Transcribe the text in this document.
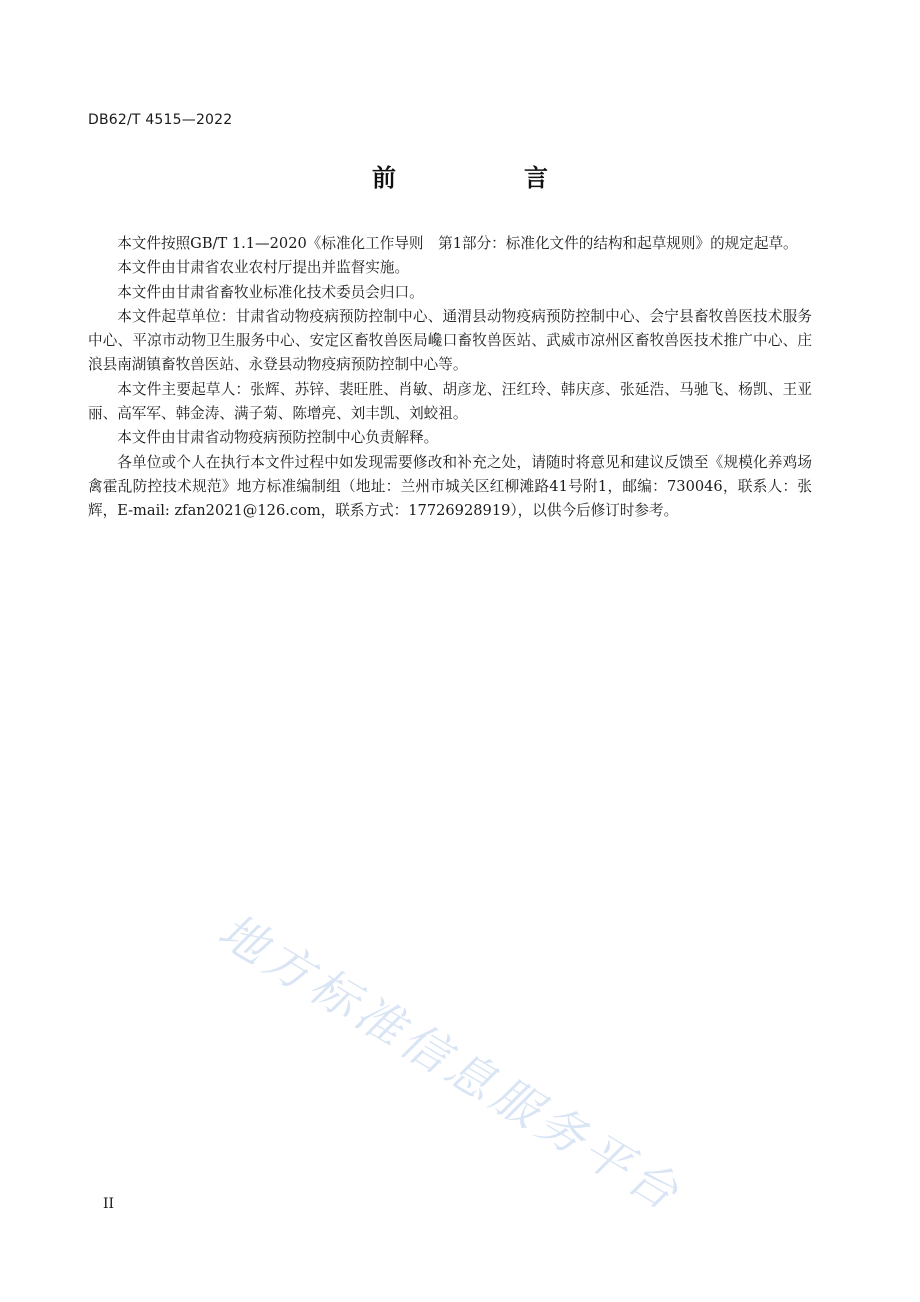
DB62/T 4515—2022
前　言

本文件按照GB/T 1.1—2020《标准化工作导则　第1部分：标准化文件的结构和起草规则》的规定起草。

本文件由甘肃省农业农村厅提出并监督实施。

本文件由甘肃省畜牧业标准化技术委员会归口。

本文件起草单位：甘肃省动物疫病预防控制中心、通渭县动物疫病预防控制中心、会宁县畜牧兽医技术服务中心、平凉市动物卫生服务中心、安定区畜牧兽医局巉口畜牧兽医站、武威市凉州区畜牧兽医技术推广中心、庄浪县南湖镇畜牧兽医站、永登县动物疫病预防控制中心等。

本文件主要起草人：张辉、苏锌、裴旺胜、肖敏、胡彦龙、汪红玲、韩庆彦、张延浩、马驰飞、杨凯、王亚丽、高军军、韩金涛、满子菊、陈增亮、刘丰凯、刘蛟祖。

本文件由甘肃省动物疫病预防控制中心负责解释。

各单位或个人在执行本文件过程中如发现需要修改和补充之处，请随时将意见和建议反馈至《规模化养鸡场禽霍乱防控技术规范》地方标准编制组（地址：兰州市城关区红柳滩路41号附1，邮编：730046，联系人：张辉，E-mail: zfan2021@126.com，联系方式：17726928919），以供今后修订时参考。

地方标准信息服务平台
II
